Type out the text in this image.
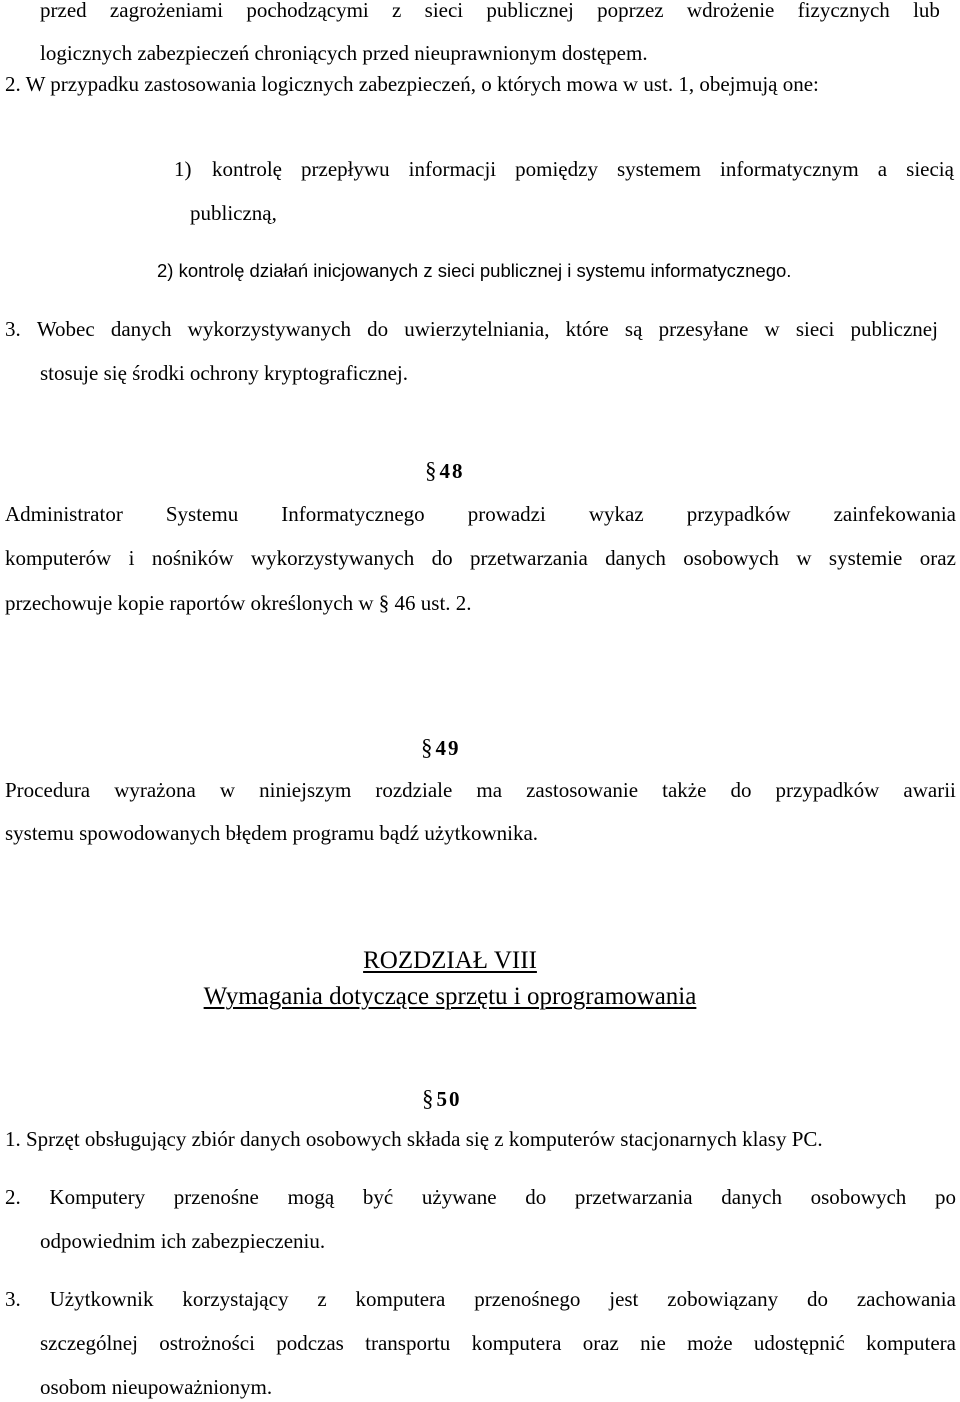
przed zagrożeniami pochodzącymi z sieci publicznej poprzez wdrożenie fizycznych lub
logicznych zabezpieczeń chroniących przed nieuprawnionym dostępem.
2. W przypadku zastosowania logicznych zabezpieczeń, o których mowa w ust. 1, obejmują one:
1) kontrolę przepływu informacji pomiędzy systemem informatycznym a siecią
publiczną,
2) kontrolę działań inicjowanych z sieci publicznej i systemu informatycznego.
3. Wobec danych wykorzystywanych do uwierzytelniania, które są przesyłane w sieci publicznej
stosuje się środki ochrony kryptograficznej.
§ 48
Administrator Systemu Informatycznego prowadzi wykaz przypadków zainfekowania
komputerów i nośników wykorzystywanych do przetwarzania danych osobowych w systemie oraz
przechowuje kopie raportów określonych w § 46 ust. 2.
§ 49
Procedura wyrażona w niniejszym rozdziale ma zastosowanie także do przypadków awarii
systemu spowodowanych błędem programu bądź użytkownika.
ROZDZIAŁ VIII
Wymagania dotyczące sprzętu i oprogramowania
§ 50
1. Sprzęt obsługujący zbiór danych osobowych składa się z komputerów stacjonarnych klasy PC.
2. Komputery przenośne mogą być używane do przetwarzania danych osobowych po
odpowiednim ich zabezpieczeniu.
3. Użytkownik korzystający z komputera przenośnego jest zobowiązany do zachowania
szczególnej ostrożności podczas transportu komputera oraz nie może udostępnić komputera
osobom nieupoważnionym.
